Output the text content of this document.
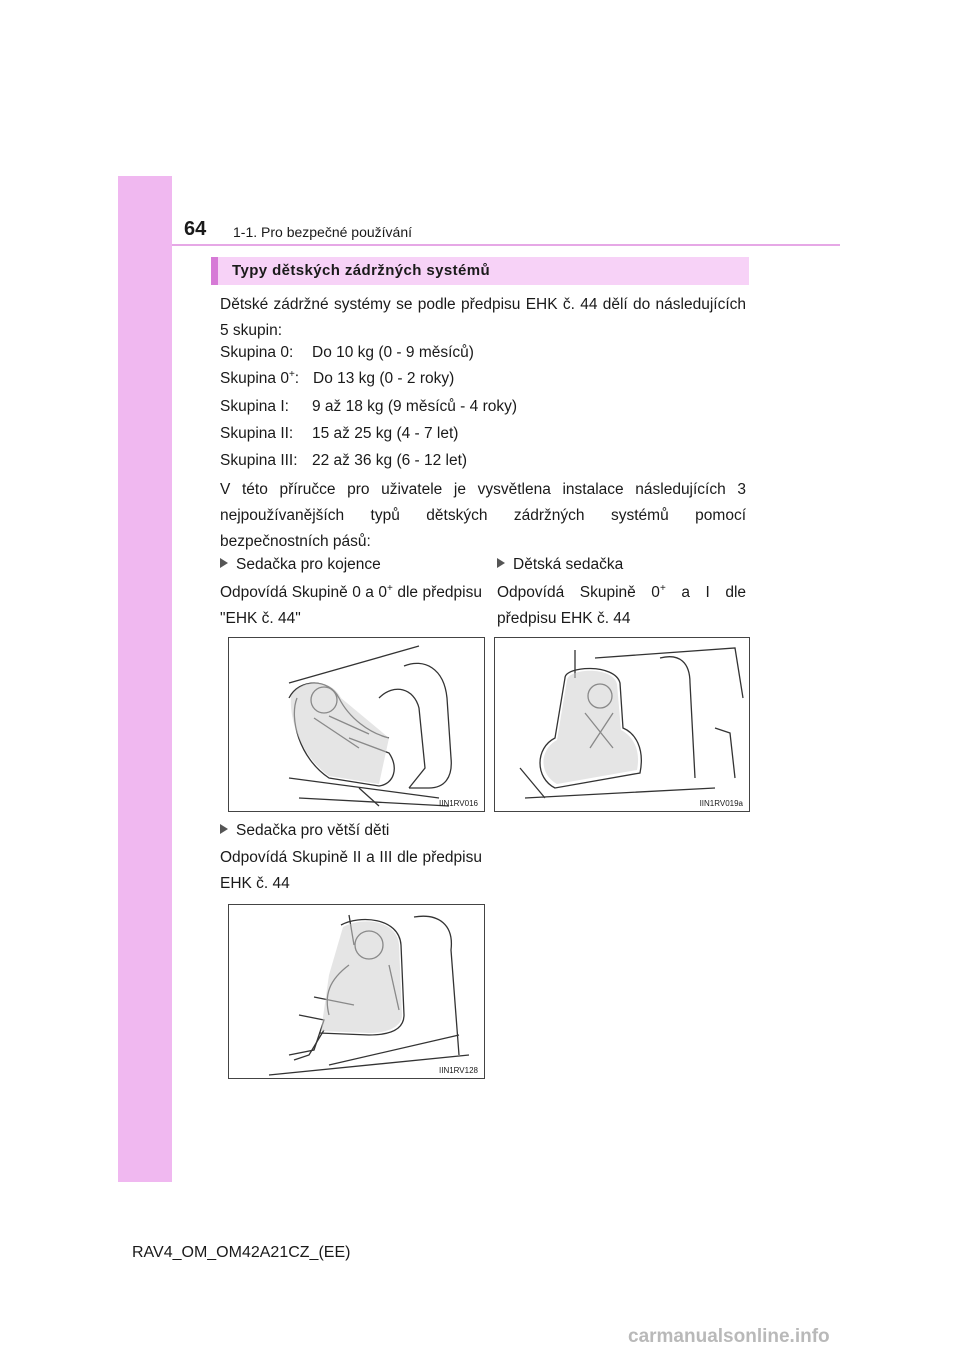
64 1-1. Pro bezpečné používání
Typy dětských zádržných systémů
Dětské zádržné systémy se podle předpisu EHK č. 44 dělí do následujících 5 skupin:
Skupina 0: Do 10 kg (0 - 9 měsíců)
Skupina 0+: Do 13 kg (0 - 2 roky)
Skupina I: 9 až 18 kg (9 měsíců - 4 roky)
Skupina II: 15 až 25 kg (4 - 7 let)
Skupina III: 22 až 36 kg (6 - 12 let)
V této příručce pro uživatele je vysvětlena instalace následujících 3 nejpoužívanějších typů dětských zádržných systémů pomocí bezpečnostních pásů:
Sedačka pro kojence
Odpovídá Skupině 0 a 0+ dle předpisu "EHK č. 44"
Dětská sedačka
Odpovídá Skupině 0+ a I dle předpisu EHK č. 44
IIN1RV016	IIN1RV019a
Sedačka pro větší děti
Odpovídá Skupině II a III dle předpisu EHK č. 44
IIN1RV128
RAV4_OM_OM42A21CZ_(EE)
carmanualsonline.info
